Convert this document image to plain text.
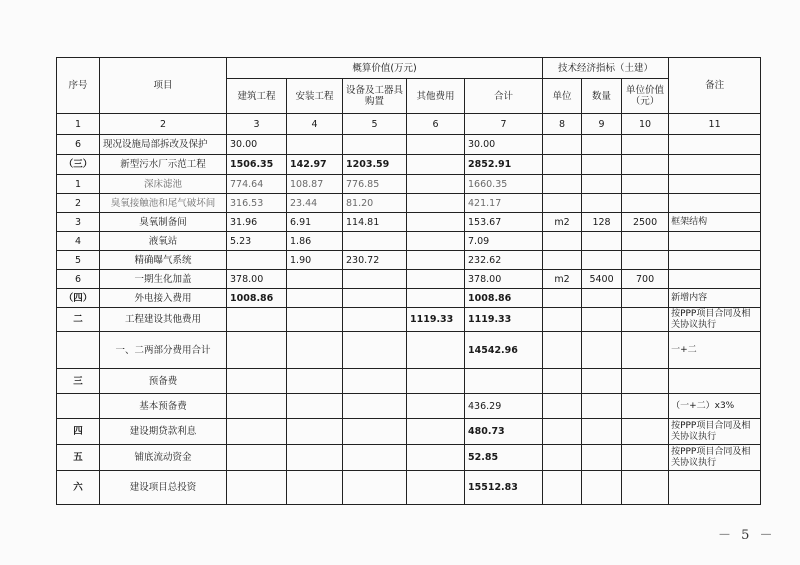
序号	项目	概算价值(万元)					技术经济指标（土建）			备注
		建筑工程	安装工程	设备及工器具购置	其他费用	合计	单位	数量	单位价值（元）	
1	2	3	4	5	6	7	8	9	10	11
6	现况设施局部拆改及保护	30.00				30.00				
（三）	新型污水厂示范工程	1506.35	142.97	1203.59		2852.91				
1	深床滤池	774.64	108.87	776.85		1660.35				
2	臭氧接触池和尾气破坏间	316.53	23.44	81.20		421.17				
3	臭氧制备间	31.96	6.91	114.81		153.67	m2	128	2500	框架结构
4	液氧站	5.23	1.86			7.09				
5	精确曝气系统		1.90	230.72		232.62				
6	一期生化加盖	378.00				378.00	m2	5400	700	
（四）	外电接入费用	1008.86				1008.86				新增内容
二	工程建设其他费用				1119.33	1119.33				按PPP项目合同及相关协议执行
	一、二两部分费用合计					14542.96				一+二
三	预备费									
	基本预备费					436.29				（一+二）x3%
四	建设期贷款利息					480.73				按PPP项目合同及相关协议执行
五	铺底流动资金					52.85				按PPP项目合同及相关协议执行
六	建设项目总投资					15512.83				
－ 5 －
